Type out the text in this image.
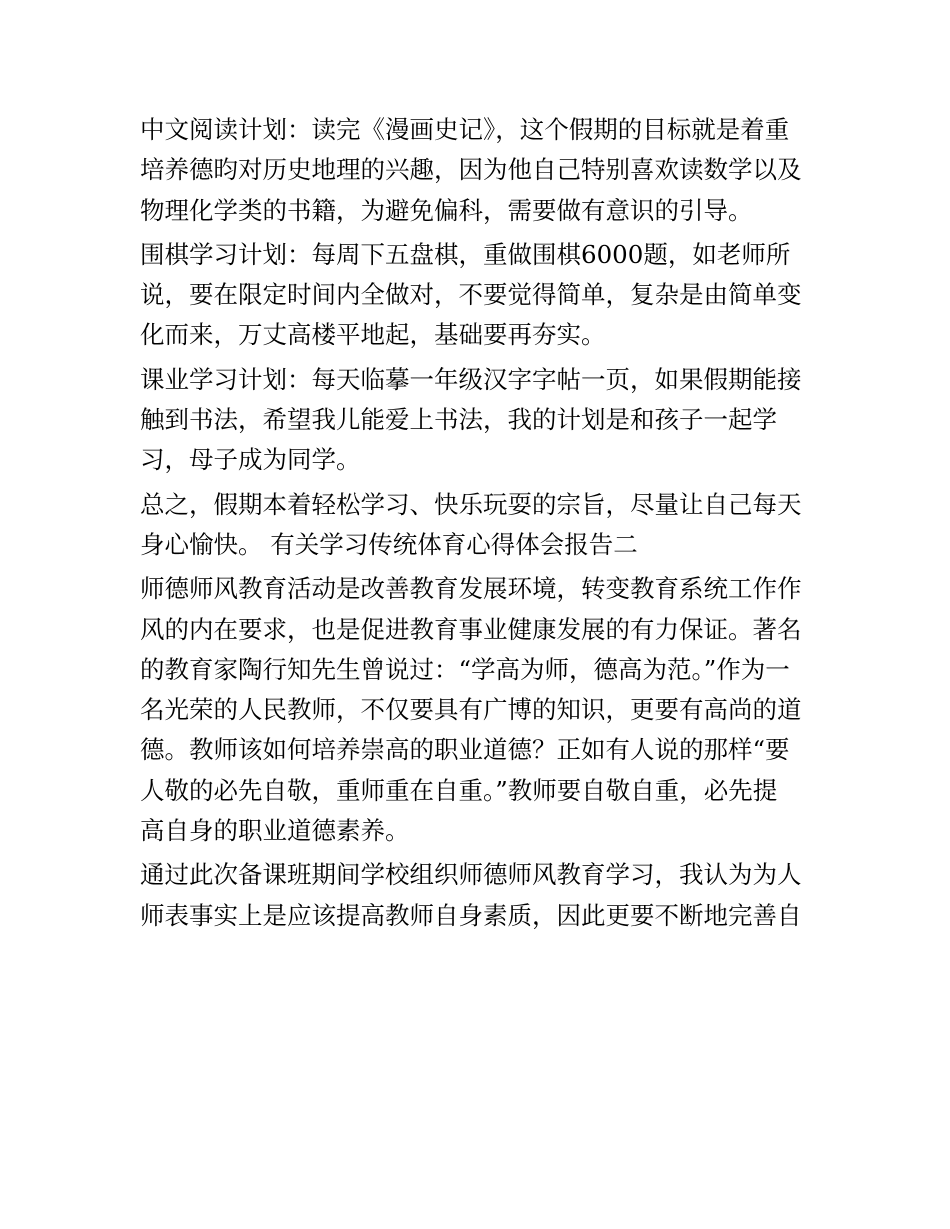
中文阅读计划：读完《漫画史记》，这个假期的目标就是着重
培养德昀对历史地理的兴趣，因为他自己特别喜欢读数学以及
物理化学类的书籍，为避免偏科，需要做有意识的引导。
围棋学习计划：每周下五盘棋，重做围棋6000题，如老师所
说，要在限定时间内全做对，不要觉得简单，复杂是由简单变
化而来，万丈高楼平地起，基础要再夯实。
课业学习计划：每天临摹一年级汉字字帖一页，如果假期能接
触到书法，希望我儿能爱上书法，我的计划是和孩子一起学
习，母子成为同学。
总之，假期本着轻松学习、快乐玩耍的宗旨，尽量让自己每天
身心愉快。 有关学习传统体育心得体会报告二
师德师风教育活动是改善教育发展环境，转变教育系统工作作
风的内在要求，也是促进教育事业健康发展的有力保证。著名
的教育家陶行知先生曾说过：“学高为师，德高为范。”作为一
名光荣的人民教师，不仅要具有广博的知识，更要有高尚的道
德。教师该如何培养崇高的职业道德？正如有人说的那样“要
人敬的必先自敬，重师重在自重。”教师要自敬自重，必先提
高自身的职业道德素养。
通过此次备课班期间学校组织师德师风教育学习，我认为为人
师表事实上是应该提高教师自身素质，因此更要不断地完善自
